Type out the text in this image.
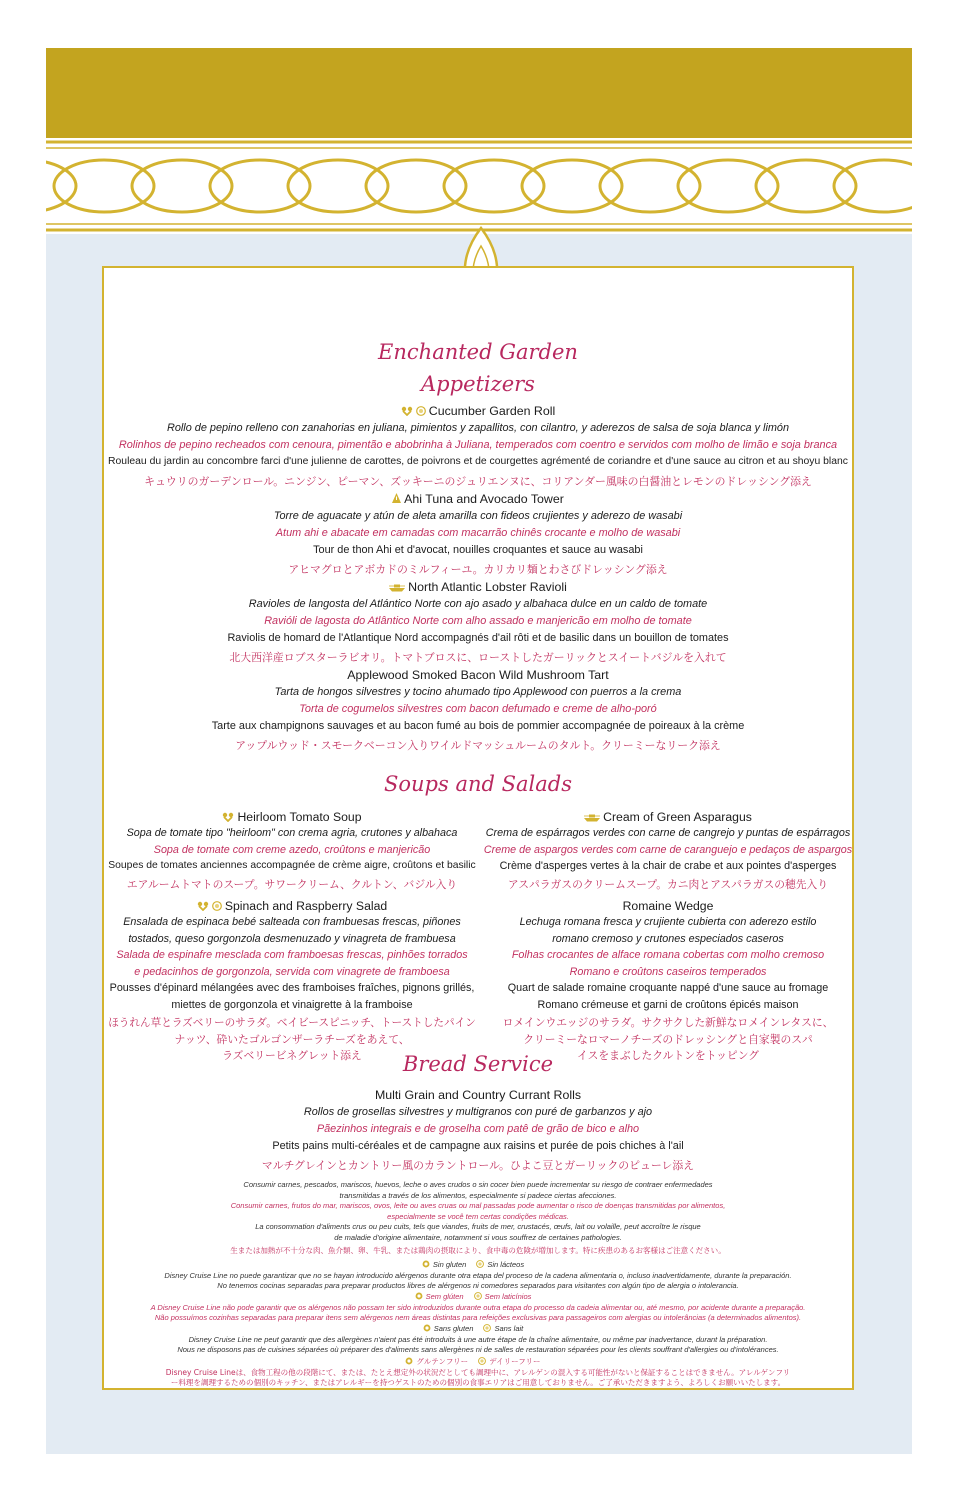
Enchanted Garden
Appetizers
Soups and Salads
Heirloom Tomato Soup
Sopa de tomate tipo "heirloom" con crema agria, crutones y albahaca
Sopa de tomate com creme azedo, croûtons e manjericão
Soupes de tomates anciennes accompagnée de crème aigre, croûtons et basilic
エアルームトマトのスープ。サワークリーム、クルトン、バジル入り
Spinach and Raspberry Salad
Ensalada de espinaca bebé salteada con frambuesas frescas, piñones
tostados, queso gorgonzola desmenuzado y vinagreta de frambuesa
Salada de espinafre mesclada com framboesas frescas, pinhões torrados
e pedacinhos de gorgonzola, servida com vinagrete de framboesa
Pousses d'épinard mélangées avec des framboises fraîches, pignons grillés,
miettes de gorgonzola et vinaigrette à la framboise
ほうれん草とラズベリーのサラダ。ベイビースピニッチ、トーストしたパイン
ナッツ、砕いたゴルゴンザーラチーズをあえて、
ラズベリービネグレット添え
Cream of Green Asparagus
Crema de espárragos verdes con carne de cangrejo y puntas de espárragos
Creme de aspargos verdes com carne de caranguejo e pedaços de aspargos
Crème d'asperges vertes à la chair de crabe et aux pointes d'asperges
アスパラガスのクリームスープ。カニ肉とアスパラガスの穂先入り
Romaine Wedge
Lechuga romana fresca y crujiente cubierta con aderezo estilo
romano cremoso y crutones especiados caseros
Folhas crocantes de alface romana cobertas com molho cremoso
Romano e croûtons caseiros temperados
Quart de salade romaine croquante nappé d'une sauce au fromage
Romano crémeuse et garni de croûtons épicés maison
ロメインウエッジのサラダ。サクサクした新鮮なロメインレタスに、
クリーミーなロマーノチーズのドレッシングと自家製のスパ
イスをまぶしたクルトンをトッピング
Bread Service
Multi Grain and Country Currant Rolls
Rollos de grosellas silvestres y multigranos con puré de garbanzos y ajo
Pãezinhos integrais e de groselha com patê de grão de bico e alho
Petits pains multi-céréales et de campagne aux raisins et purée de pois chiches à l'ail
マルチグレインとカントリー風のカラントロール。ひよこ豆とガーリックのピューレ添え
Consumir carnes, pescados, mariscos, huevos, leche o aves crudos o sin cocer bien puede incrementar su riesgo de contraer enfermedades
transmitidas a través de los alimentos, especialmente si padece ciertas afecciones.
Consumir carnes, frutos do mar, mariscos, ovos, leite ou aves cruas ou mal passadas pode aumentar o risco de doenças transmitidas por alimentos,
especialmente se você tem certas condições médicas.
La consommation d'aliments crus ou peu cuits, tels que viandes, fruits de mer, crustacés, œufs, lait ou volaille, peut accroître le risque
de maladie d'origine alimentaire, notamment si vous souffrez de certaines pathologies.
生または加熱が不十分な肉、魚介類、卵、牛乳、または鶏肉の摂取により、食中毒の危険が増加します。特に疾患のあるお客様はご注意ください。
Sin gluten	Sin lácteos
Disney Cruise Line no puede garantizar que no se hayan introducido alérgenos durante otra etapa del proceso de la cadena alimentaria o, incluso inadvertidamente, durante la preparación.
No tenemos cocinas separadas para preparar productos libres de alérgenos ni comedores separados para visitantes con algún tipo de alergia o intolerancia.
Sem glúten	Sem laticínios
A Disney Cruise Line não pode garantir que os alérgenos não possam ter sido introduzidos durante outra etapa do processo da cadeia alimentar ou, até mesmo, por acidente durante a preparação.
Não possuímos cozinhas separadas para preparar itens sem alérgenos nem áreas distintas para refeições exclusivas para passageiros com alergias ou intolerâncias (a determinados alimentos).
Sans gluten	Sans lait
Disney Cruise Line ne peut garantir que des allergènes n'aient pas été introduits à une autre étape de la chaîne alimentaire, ou même par inadvertance, durant la préparation.
Nous ne disposons pas de cuisines séparées où préparer des d'aliments sans allergènes ni de salles de restauration séparées pour les clients souffrant d'allergies ou d'intolérances.
グルテンフリー	デイリーフリー
Disney Cruise Lineは、食物工程の他の段階にて、または、たとえ想定外の状況だとしても調理中に、アレルゲンの混入する可能性がないと保証することはできません。アレルゲンフリ
ー料理を調理するための個別のキッチン、またはアレルギーを持つゲストのための個別の食事エリアはご用意しておりません。ご了承いただきますよう、よろしくお願いいたします。
Cucumber Garden Roll
Rollo de pepino relleno con zanahorias en juliana, pimientos y zapallitos, con cilantro, y aderezos de salsa de soja blanca y limón
Rolinhos de pepino recheados com cenoura, pimentão e abobrinha à Juliana, temperados com coentro e servidos com molho de limão e soja branca
Rouleau du jardin au concombre farci d'une julienne de carottes, de poivrons et de courgettes agrémenté de coriandre et d'une sauce au citron et au shoyu blanc
キュウリのガーデンロール。ニンジン、ピーマン、ズッキーニのジュリエンヌに、コリアンダー風味の白醤油とレモンのドレッシング添え
Ahi Tuna and Avocado Tower
Torre de aguacate y atún de aleta amarilla con fideos crujientes y aderezo de wasabi
Atum ahi e abacate em camadas com macarrão chinês crocante e molho de wasabi
Tour de thon Ahi et d'avocat, nouilles croquantes et sauce au wasabi
アヒマグロとアボカドのミルフィーユ。カリカリ麺とわさびドレッシング添え
North Atlantic Lobster Ravioli
Ravioles de langosta del Atlántico Norte con ajo asado y albahaca dulce en un caldo de tomate
Ravióli de lagosta do Atlântico Norte com alho assado e manjericão em molho de tomate
Raviolis de homard de l'Atlantique Nord accompagnés d'ail rôti et de basilic dans un bouillon de tomates
北大西洋産ロブスターラビオリ。トマトブロスに、ローストしたガーリックとスイートバジルを入れて
Applewood Smoked Bacon Wild Mushroom Tart
Tarta de hongos silvestres y tocino ahumado tipo Applewood con puerros a la crema
Torta de cogumelos silvestres com bacon defumado e creme de alho-poró
Tarte aux champignons sauvages et au bacon fumé au bois de pommier accompagnée de poireaux à la crème
アップルウッド・スモークベーコン入りワイルドマッシュルームのタルト。クリーミーなリーク添え
